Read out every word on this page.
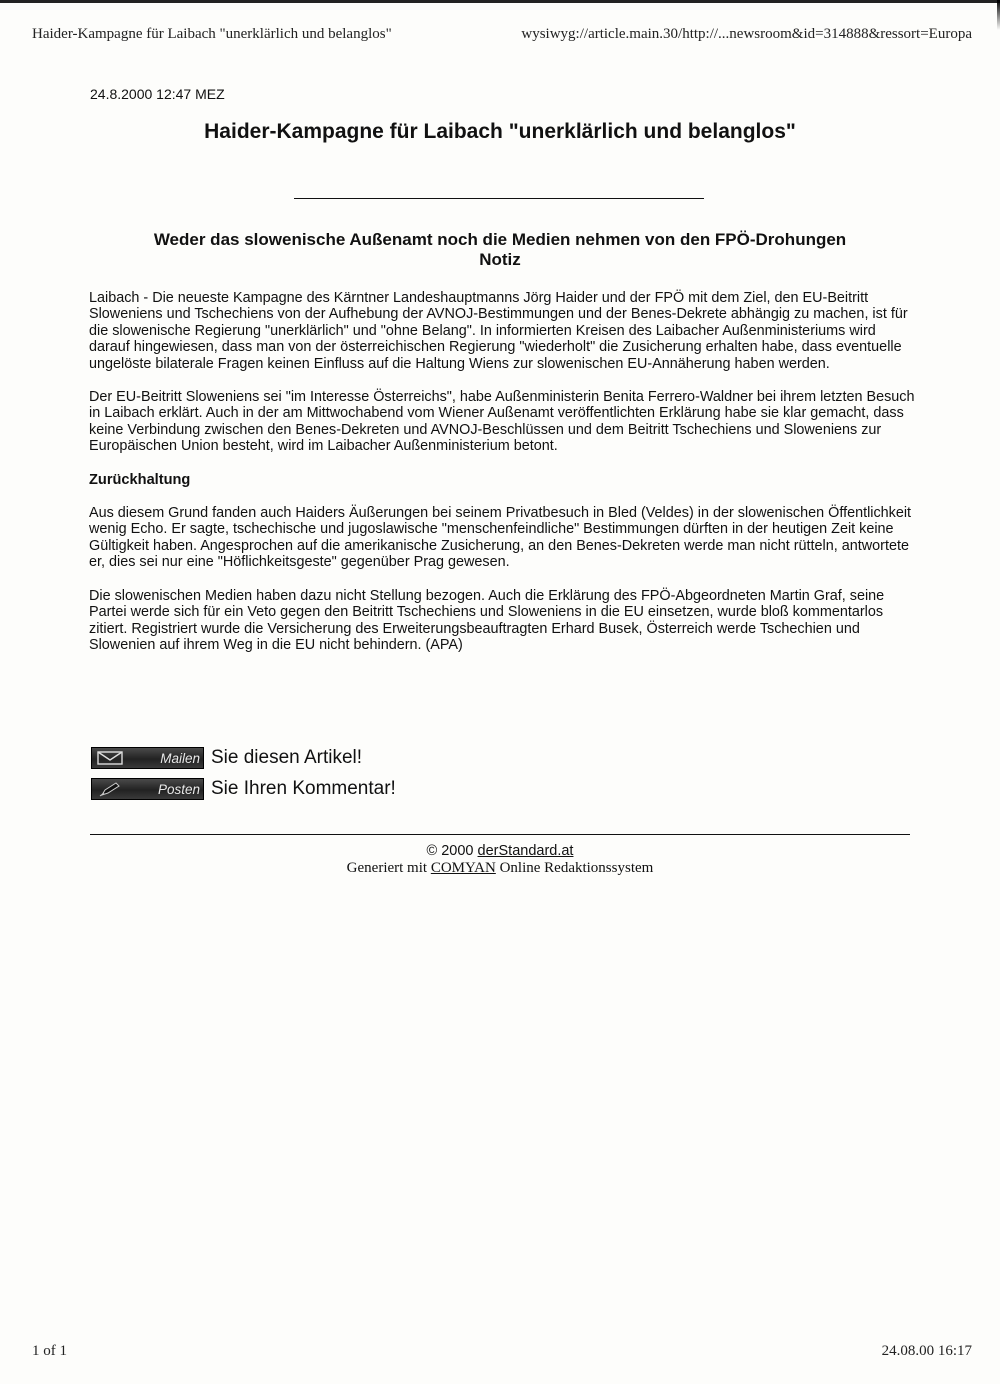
Haider-Kampagne für Laibach "unerklärlich und belanglos"	wysiwyg://article.main.30/http://...newsroom&id=314888&ressort=Europa
24.8.2000 12:47 MEZ
Haider-Kampagne für Laibach "unerklärlich und belanglos"
Weder das slowenische Außenamt noch die Medien nehmen von den FPÖ-Drohungen Notiz

Laibach - Die neueste Kampagne des Kärntner Landeshauptmanns Jörg Haider und der FPÖ mit dem Ziel, den EU-Beitritt Sloweniens und Tschechiens von der Aufhebung der AVNOJ-Bestimmungen und der Benes-Dekrete abhängig zu machen, ist für die slowenische Regierung "unerklärlich" und "ohne Belang". In informierten Kreisen des Laibacher Außenministeriums wird darauf hingewiesen, dass man von der österreichischen Regierung "wiederholt" die Zusicherung erhalten habe, dass eventuelle ungelöste bilaterale Fragen keinen Einfluss auf die Haltung Wiens zur slowenischen EU-Annäherung haben werden.

Der EU-Beitritt Sloweniens sei "im Interesse Österreichs", habe Außenministerin Benita Ferrero-Waldner bei ihrem letzten Besuch in Laibach erklärt. Auch in der am Mittwochabend vom Wiener Außenamt veröffentlichten Erklärung habe sie klar gemacht, dass keine Verbindung zwischen den Benes-Dekreten und AVNOJ-Beschlüssen und dem Beitritt Tschechiens und Sloweniens zur Europäischen Union besteht, wird im Laibacher Außenministerium betont.

Zurückhaltung

Aus diesem Grund fanden auch Haiders Äußerungen bei seinem Privatbesuch in Bled (Veldes) in der slowenischen Öffentlichkeit wenig Echo. Er sagte, tschechische und jugoslawische "menschenfeindliche" Bestimmungen dürften in der heutigen Zeit keine Gültigkeit haben. Angesprochen auf die amerikanische Zusicherung, an den Benes-Dekreten werde man nicht rütteln, antwortete er, dies sei nur eine "Höflichkeitsgeste" gegenüber Prag gewesen.

Die slowenischen Medien haben dazu nicht Stellung bezogen. Auch die Erklärung des FPÖ-Abgeordneten Martin Graf, seine Partei werde sich für ein Veto gegen den Beitritt Tschechiens und Sloweniens in die EU einsetzen, wurde bloß kommentarlos zitiert. Registriert wurde die Versicherung des Erweiterungsbeauftragten Erhard Busek, Österreich werde Tschechien und Slowenien auf ihrem Weg in die EU nicht behindern. (APA)

Mailen Sie diesen Artikel!
Posten Sie Ihren Kommentar!
© 2000 derStandard.at
Generiert mit COMYAN Online Redaktionssystem
1 of 1	24.08.00 16:17
